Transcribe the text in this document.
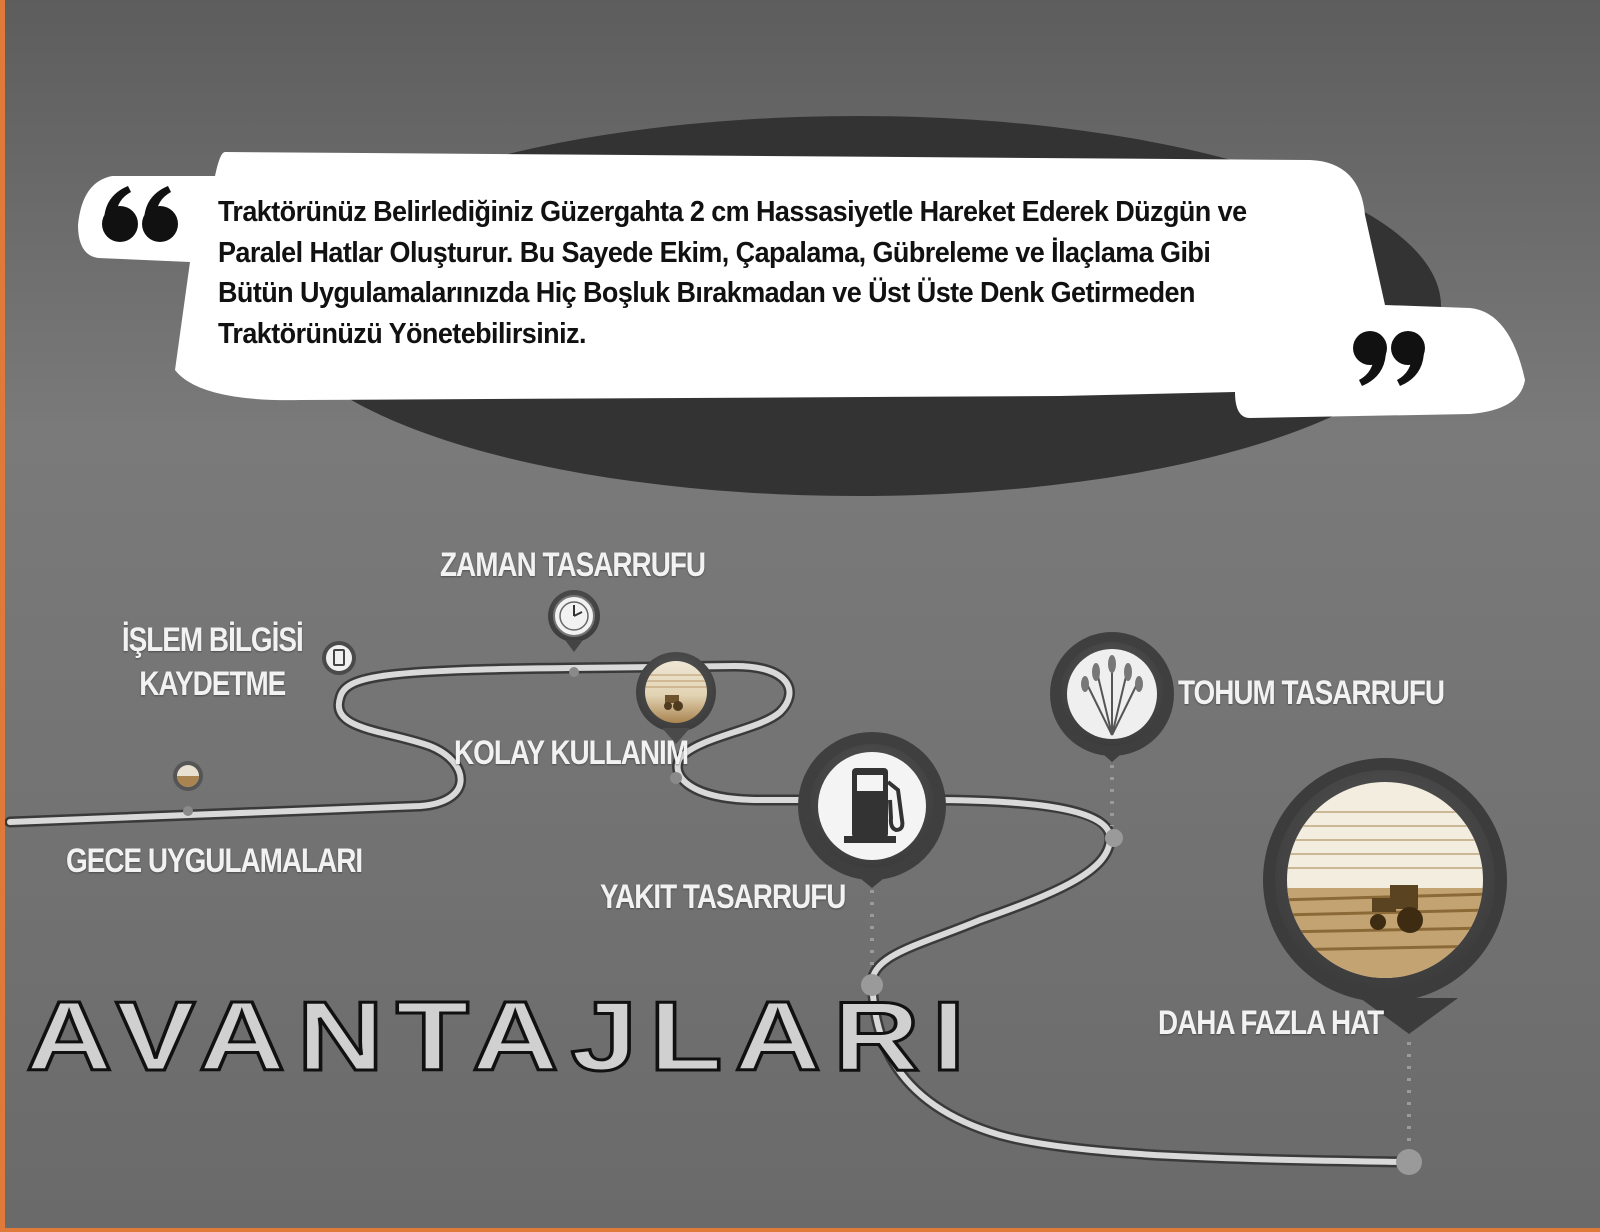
Traktörünüz Belirlediğiniz Güzergahta 2 cm Hassasiyetle Hareket Ederek Düzgün ve Paralel Hatlar Oluşturur. Bu Sayede Ekim, Çapalama, Gübreleme ve İlaçlama Gibi Bütün Uygulamalarınızda Hiç Boşluk Bırakmadan ve Üst Üste Denk Getirmeden Traktörünüzü Yönetebilirsiniz.
GECE UYGULAMALARI
İŞLEM BİLGİSİ KAYDETME
ZAMAN TASARRUFU
KOLAY KULLANIM
YAKIT TASARRUFU
TOHUM TASARRUFU
DAHA FAZLA HAT
AVANTAJLARI
